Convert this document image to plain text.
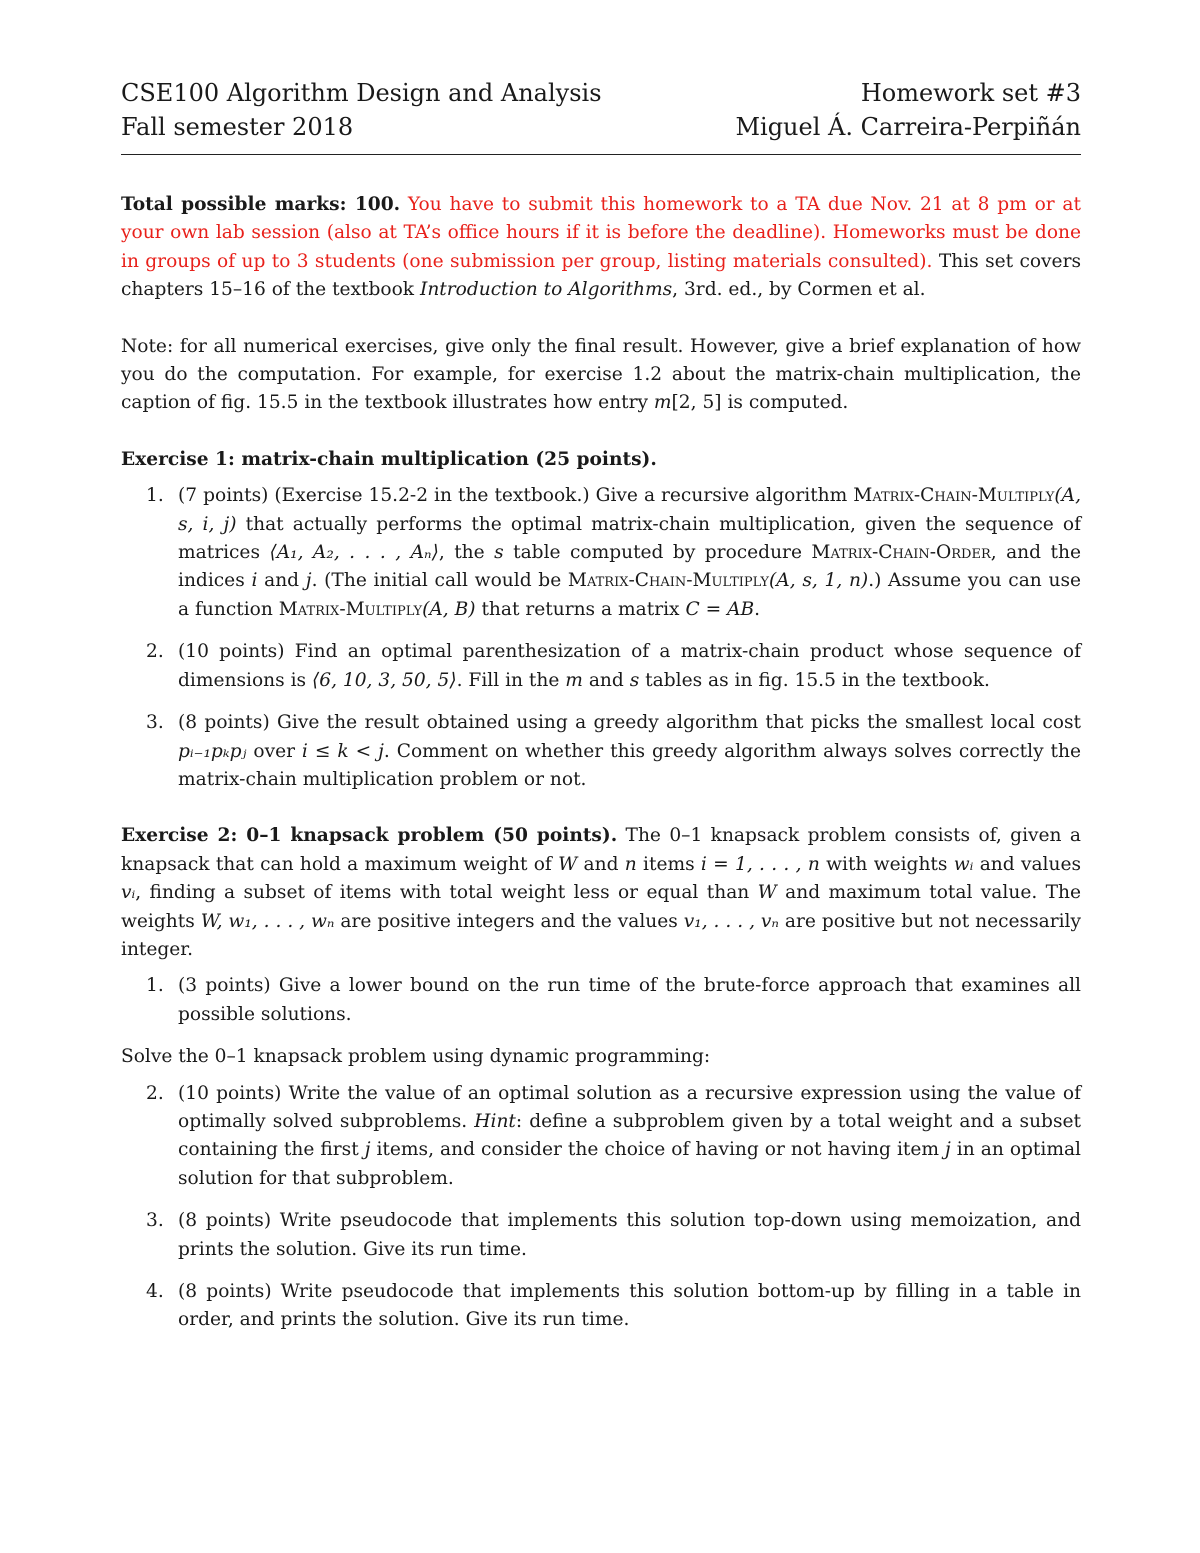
CSE100 Algorithm Design and Analysis	Homework set #3
Fall semester 2018	Miguel Á. Carreira-Perpiñán

Total possible marks: 100. You have to submit this homework to a TA due Nov. 21 at 8 pm or at your own lab session (also at TA’s office hours if it is before the deadline). Homeworks must be done in groups of up to 3 students (one submission per group, listing materials consulted). This set covers chapters 15–16 of the textbook Introduction to Algorithms, 3rd. ed., by Cormen et al.

Note: for all numerical exercises, give only the final result. However, give a brief explanation of how you do the computation. For example, for exercise 1.2 about the matrix-chain multiplication, the caption of fig. 15.5 in the textbook illustrates how entry m[2, 5] is computed.

Exercise 1: matrix-chain multiplication (25 points).

1. (7 points) (Exercise 15.2-2 in the textbook.) Give a recursive algorithm Matrix-Chain-Multiply(A, s, i, j) that actually performs the optimal matrix-chain multiplication, given the sequence of matrices ⟨A₁, A₂, . . . , Aₙ⟩, the s table computed by procedure Matrix-Chain-Order, and the indices i and j. (The initial call would be Matrix-Chain-Multiply(A, s, 1, n).) Assume you can use a function Matrix-Multiply(A, B) that returns a matrix C = AB.
2. (10 points) Find an optimal parenthesization of a matrix-chain product whose sequence of dimensions is ⟨6, 10, 3, 50, 5⟩. Fill in the m and s tables as in fig. 15.5 in the textbook.
3. (8 points) Give the result obtained using a greedy algorithm that picks the smallest local cost pᵢ₋₁pₖpⱼ over i ≤ k < j. Comment on whether this greedy algorithm always solves correctly the matrix-chain multiplication problem or not.

Exercise 2: 0–1 knapsack problem (50 points). The 0–1 knapsack problem consists of, given a knapsack that can hold a maximum weight of W and n items i = 1, . . . , n with weights wᵢ and values vᵢ, finding a subset of items with total weight less or equal than W and maximum total value. The weights W, w₁, . . . , wₙ are positive integers and the values v₁, . . . , vₙ are positive but not necessarily integer.

1. (3 points) Give a lower bound on the run time of the brute-force approach that examines all possible solutions.

Solve the 0–1 knapsack problem using dynamic programming:

2. (10 points) Write the value of an optimal solution as a recursive expression using the value of optimally solved subproblems. Hint: define a subproblem given by a total weight and a subset containing the first j items, and consider the choice of having or not having item j in an optimal solution for that subproblem.
3. (8 points) Write pseudocode that implements this solution top-down using memoization, and prints the solution. Give its run time.
4. (8 points) Write pseudocode that implements this solution bottom-up by filling in a table in order, and prints the solution. Give its run time.
